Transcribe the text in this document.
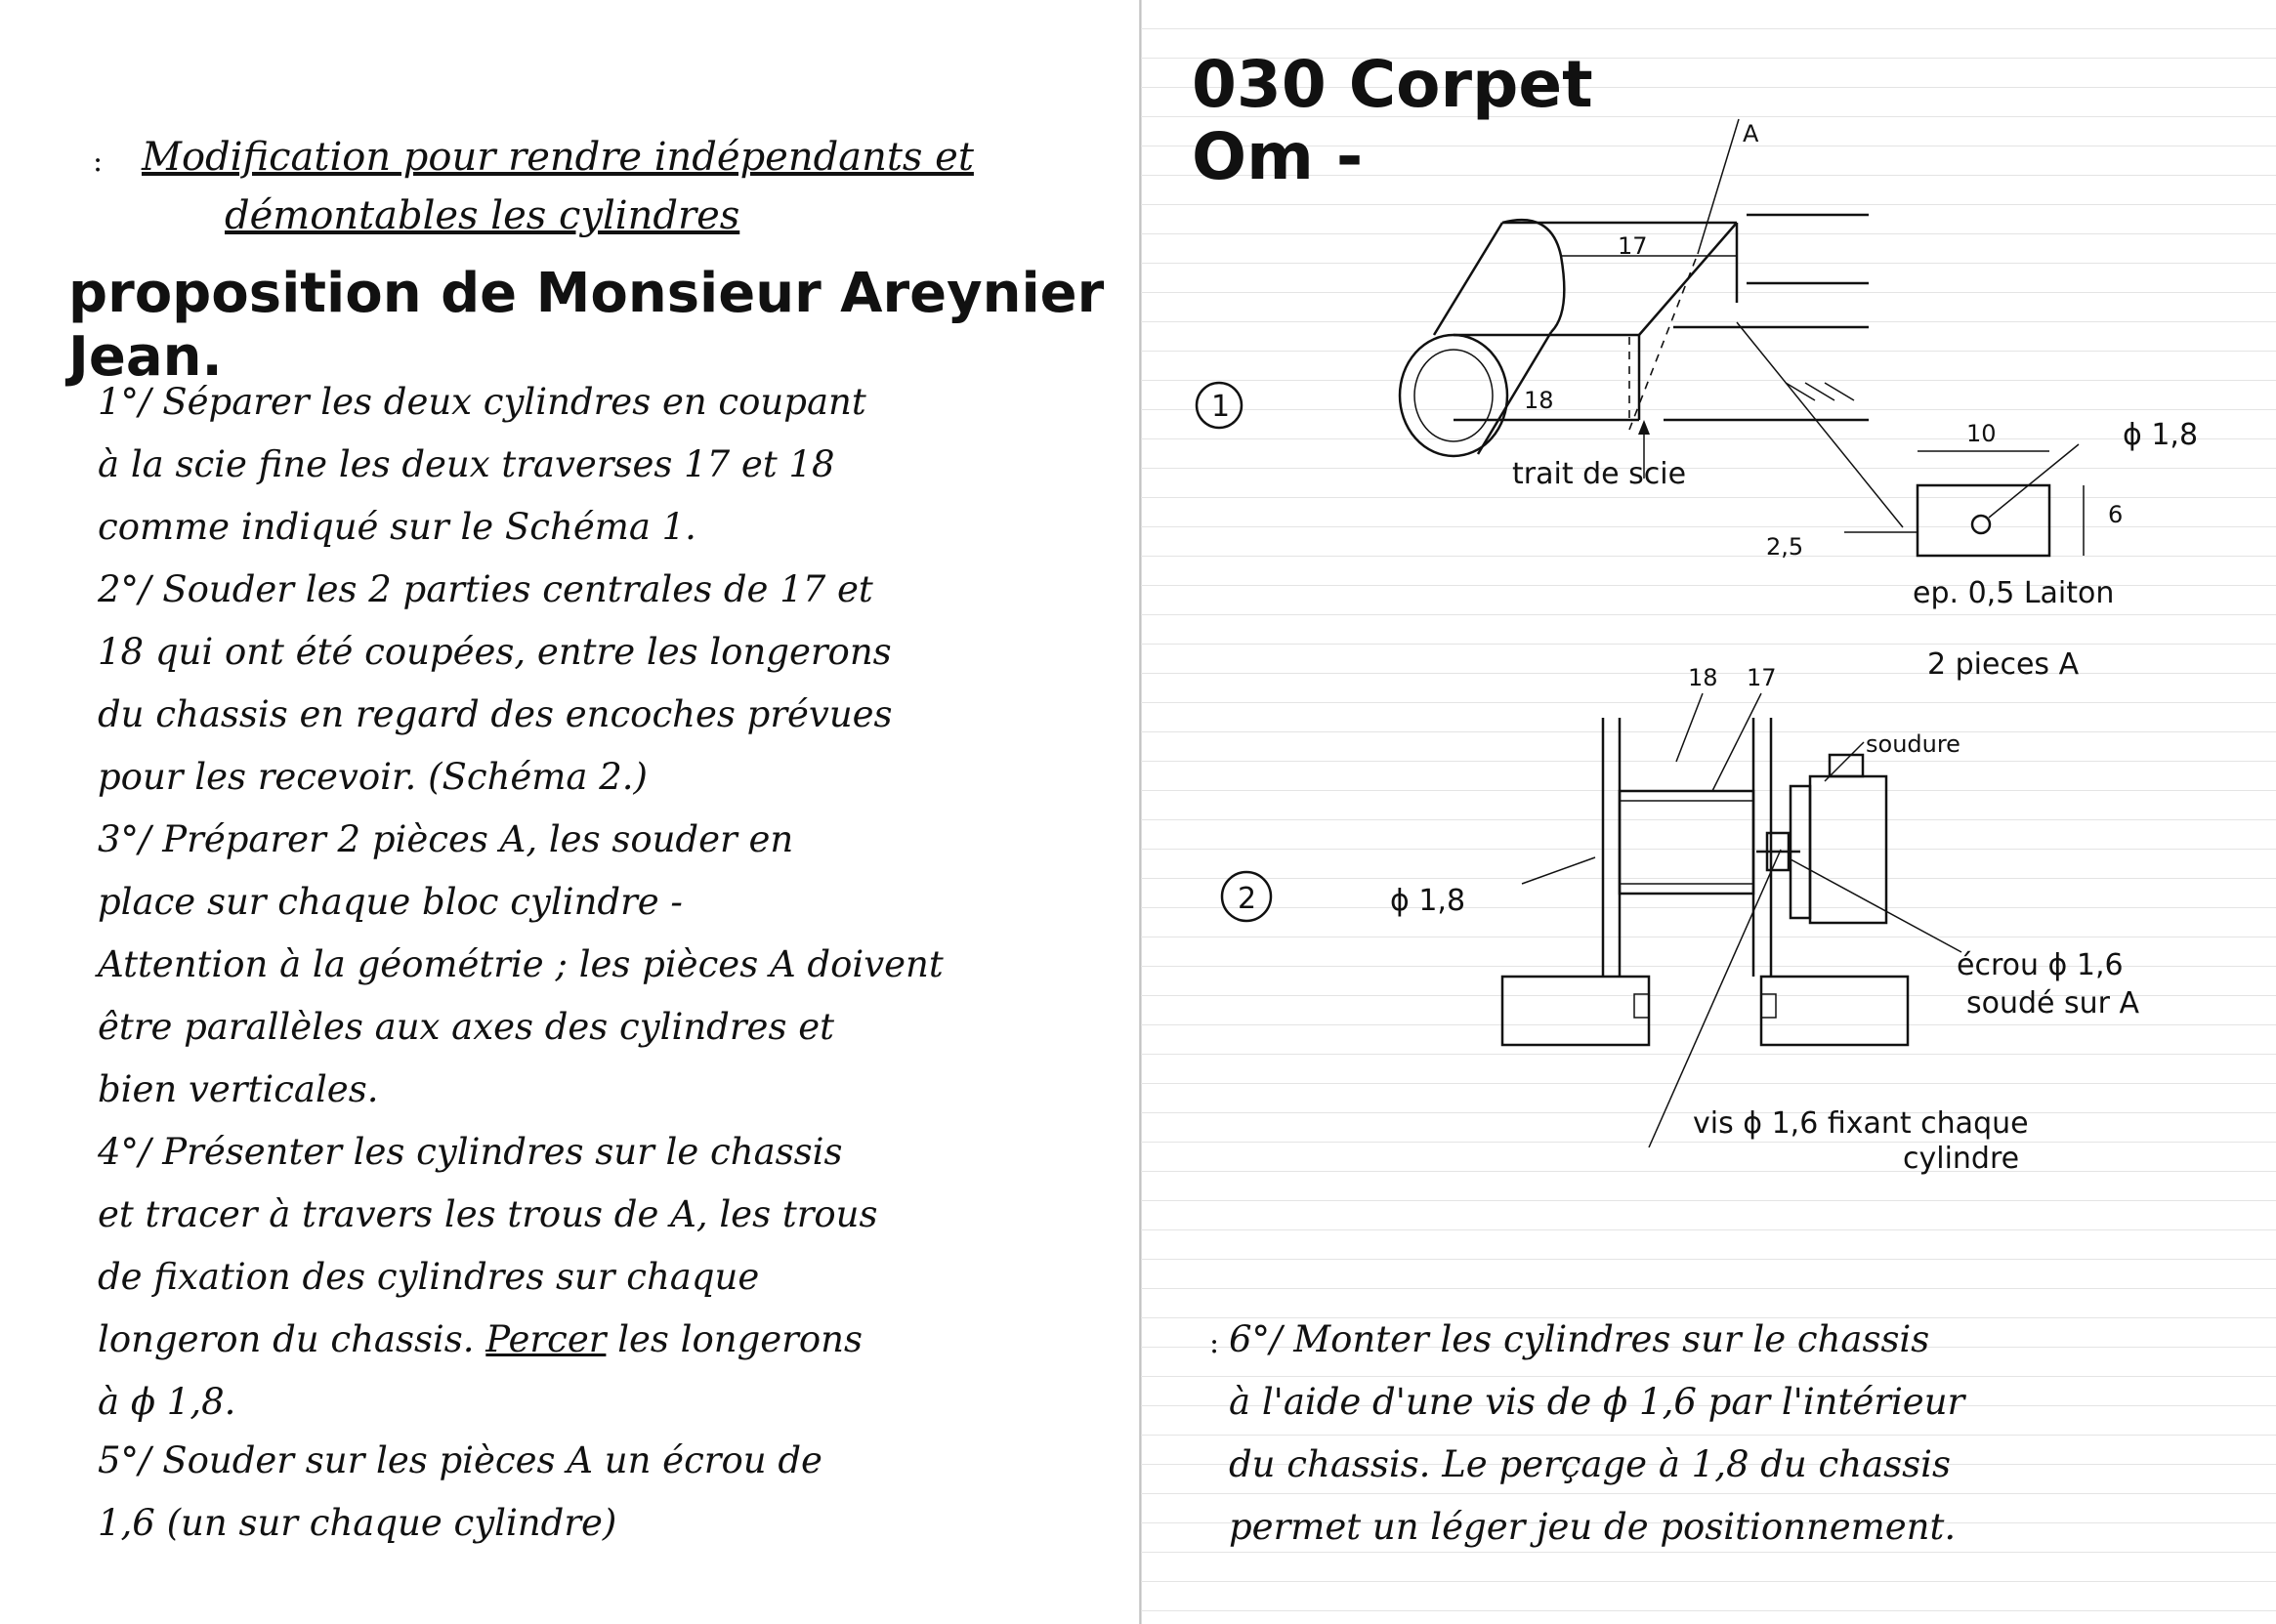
: Modification pour rendre indépendants et
démontables les cylindres
proposition de Monsieur Areynier Jean.
1°/ Séparer les deux cylindres en coupant
à la scie fine les deux traverses 17 et 18
comme indiqué sur le Schéma 1.
2°/ Souder les 2 parties centrales de 17 et
18 qui ont été coupées, entre les longerons
du chassis en regard des encoches prévues
pour les recevoir. (Schéma 2.)
3°/ Préparer 2 pièces A, les souder en
place sur chaque bloc cylindre -
Attention à la géométrie ; les pièces A doivent
être parallèles aux axes des cylindres et
bien verticales.
4°/ Présenter les cylindres sur le chassis
et tracer à travers les trous de A, les trous
de fixation des cylindres sur chaque
longeron du chassis. Percer les longerons
à ϕ 1,8.
5°/ Souder sur les pièces A un écrou de
1,6 (un sur chaque cylindre)
030 Corpet
Om -
1
A
17
18
trait de scie
10
6
2,5
ϕ 1,8
ep. 0,5 Laiton
2 pieces A
2
18 17
soudure
ϕ 1,8
écrou ϕ 1,6
soudé sur A
vis ϕ 1,6 fixant chaque
cylindre
: 6°/ Monter les cylindres sur le chassis
à l'aide d'une vis de ϕ 1,6 par l'intérieur
du chassis. Le perçage à 1,8 du chassis
permet un léger jeu de positionnement.
